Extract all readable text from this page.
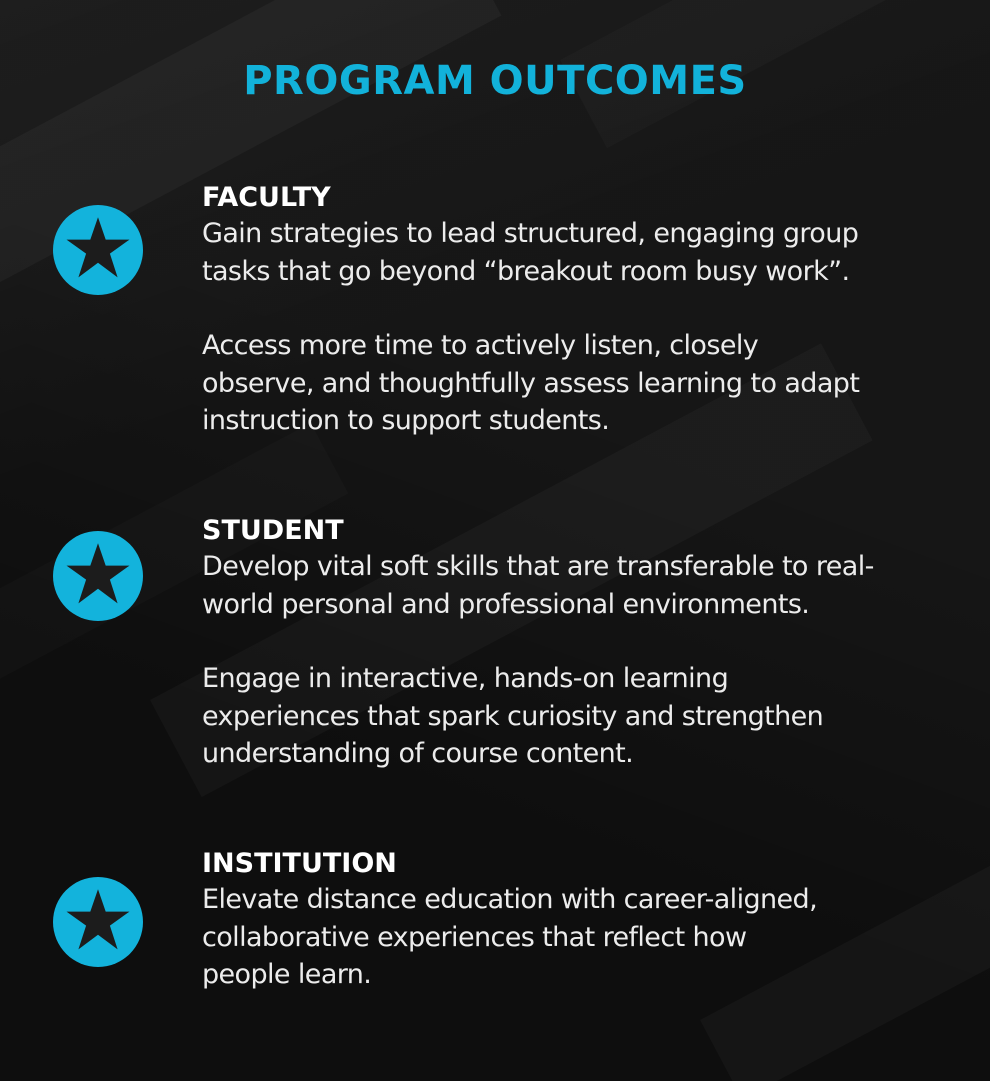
PROGRAM OUTCOMES
FACULTY

Gain strategies to lead structured, engaging group
tasks that go beyond “breakout room busy work”.

Access more time to actively listen, closely
observe, and thoughtfully assess learning to adapt
instruction to support students.

STUDENT

Develop vital soft skills that are transferable to real-
world personal and professional environments.

Engage in interactive, hands-on learning
experiences that spark curiosity and strengthen
understanding of course content.

INSTITUTION

Elevate distance education with career-aligned,
collaborative experiences that reflect how
people learn.
